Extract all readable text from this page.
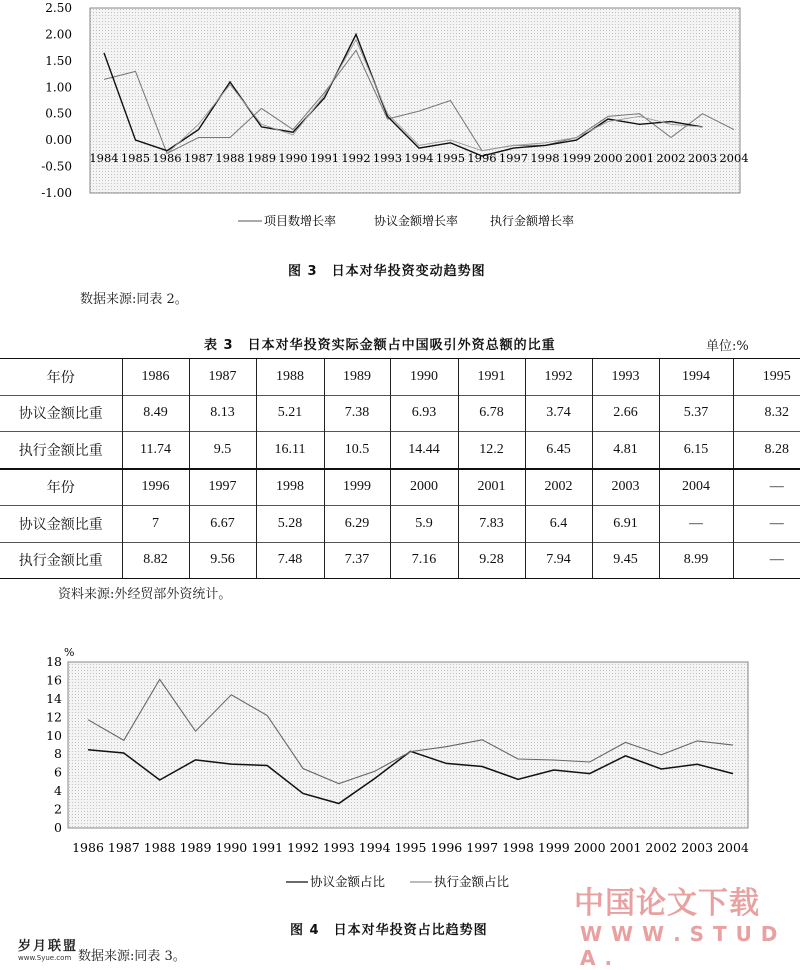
2.50
2.00
1.50
1.00
0.50
0.00
-0.50
-1.00
1984 1985 1986 1987 1988 1989 1990 1991 1992 1993 1994 1995 1996 1997 1998 1999 2000 2001 2002 2003 2004
项目数增长率	协议金额增长率	执行金额增长率
图 3　日本对华投资变动趋势图
数据来源:同表 2。
表 3　日本对华投资实际金额占中国吸引外资总额的比重	单位:%
年份	1986	1987	1988	1989	1990	1991	1992	1993	1994	1995
协议金额比重	8.49	8.13	5.21	7.38	6.93	6.78	3.74	2.66	5.37	8.32
执行金额比重	11.74	9.5	16.11	10.5	14.44	12.2	6.45	4.81	6.15	8.28
年份	1996	1997	1998	1999	2000	2001	2002	2003	2004	—
协议金额比重	7	6.67	5.28	6.29	5.9	7.83	6.4	6.91	—	—
执行金额比重	8.82	9.56	7.48	7.37	7.16	9.28	7.94	9.45	8.99	—
资料来源:外经贸部外资统计。
%
18
16
14
12
10
8
6
4
2
0
1986 1987 1988 1989 1990 1991 1992 1993 1994 1995 1996 1997 1998 1999 2000 2001 2002 2003 2004
协议金额占比	执行金额占比
图 4　日本对华投资占比趋势图
数据来源:同表 3。
岁月联盟
www.Syue.com
中国论文下载
W W W . S T U D A .
